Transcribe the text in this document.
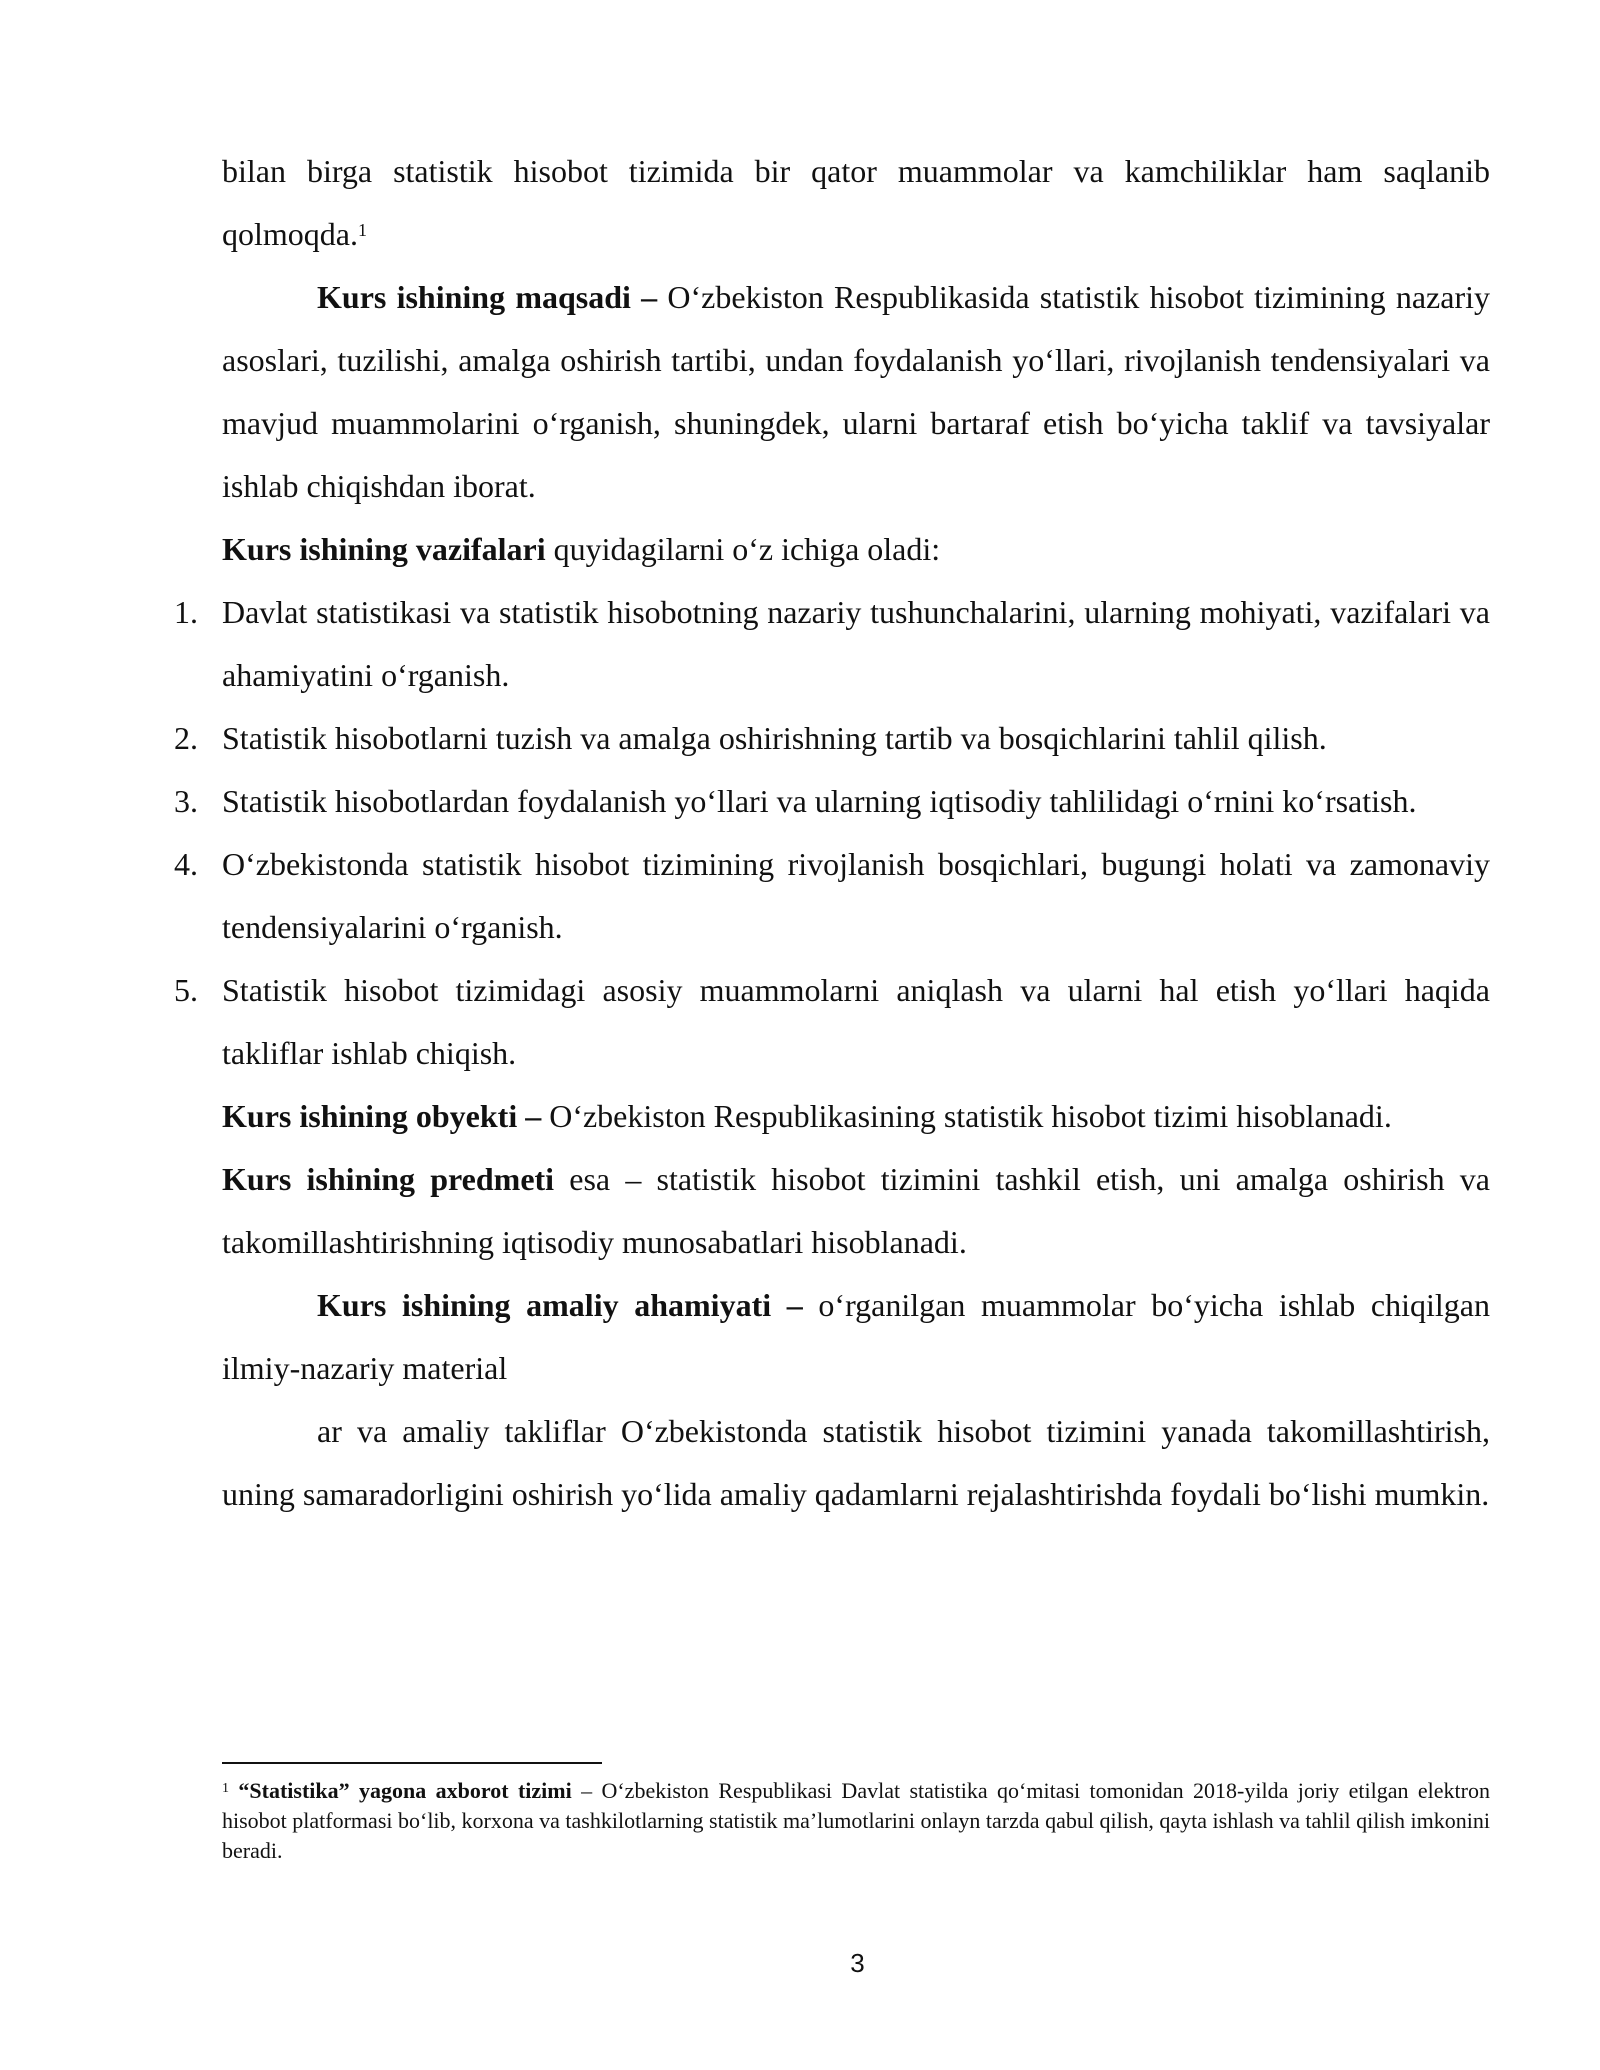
bilan birga statistik hisobot tizimida bir qator muammolar va kamchiliklar ham saqlanib qolmoqda.$^1$

Kurs ishining maqsadi – O‘zbekiston Respublikasida statistik hisobot tizimining nazariy asoslari, tuzilishi, amalga oshirish tartibi, undan foydalanish yo‘llari, rivojlanish tendensiyalari va mavjud muammolarini o‘rganish, shuningdek, ularni bartaraf etish bo‘yicha taklif va tavsiyalar ishlab chiqishdan iborat.

Kurs ishining vazifalari quyidagilarni o‘z ichiga oladi:

1. Davlat statistikasi va statistik hisobotning nazariy tushunchalarini, ularning mohiyati, vazifalari va ahamiyatini o‘rganish.
2. Statistik hisobotlarni tuzish va amalga oshirishning tartib va bosqichlarini tahlil qilish.
3. Statistik hisobotlardan foydalanish yo‘llari va ularning iqtisodiy tahlilidagi o‘rnini ko‘rsatish.
4. O‘zbekistonda statistik hisobot tizimining rivojlanish bosqichlari, bugungi holati va zamonaviy tendensiyalarini o‘rganish.
5. Statistik hisobot tizimidagi asosiy muammolarni aniqlash va ularni hal etish yo‘llari haqida takliflar ishlab chiqish.

Kurs ishining obyekti – O‘zbekiston Respublikasining statistik hisobot tizimi hisoblanadi.

Kurs ishining predmeti esa – statistik hisobot tizimini tashkil etish, uni amalga oshirish va takomillashtirishning iqtisodiy munosabatlari hisoblanadi.

Kurs ishining amaliy ahamiyati – o‘rganilgan muammolar bo‘yicha ishlab chiqilgan ilmiy-nazariy material

ar va amaliy takliflar O‘zbekistonda statistik hisobot tizimini yanada takomillashtirish, uning samaradorligini oshirish yo‘lida amaliy qadamlarni rejalashtirishda foydali bo‘lishi mumkin.

$^1$ “Statistika” yagona axborot tizimi – O‘zbekiston Respublikasi Davlat statistika qo‘mitasi tomonidan 2018-yilda joriy etilgan elektron hisobot platformasi bo‘lib, korxona va tashkilotlarning statistik ma’lumotlarini onlayn tarzda qabul qilish, qayta ishlash va tahlil qilish imkonini beradi.
3
